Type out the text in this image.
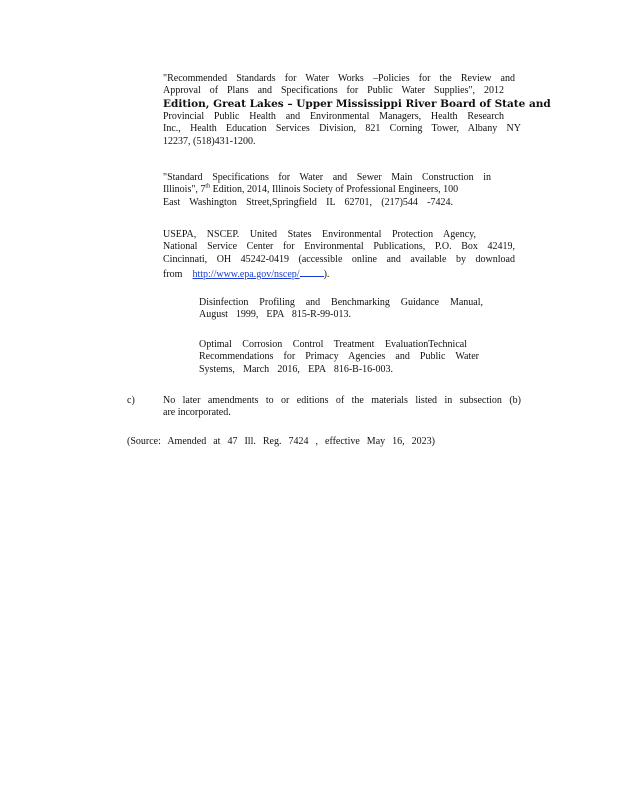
"Recommended Standards for Water Works –Policies for the Review and
Approval of Plans and Specifications for Public Water Supplies", 2012
Edition, Great Lakes – Upper Mississippi River Board of State and
Provincial Public Health and Environmental Managers, Health Research
Inc., Health Education Services Division, 821 Corning Tower, Albany NY
12237, (518)431-1200.
"Standard Specifications for Water and Sewer Main Construction in
Illinois", 7th Edition, 2014, Illinois Society of Professional Engineers, 100
East Washington Street,Springfield IL 62701, (217)544 -7424.
USEPA, NSCEP. United States Environmental Protection Agency,
National Service Center for Environmental Publications, P.O. Box 42419,
Cincinnati, OH 45242-0419 (accessible online and available by download
from http://www.epa.gov/nscep/ ).
Disinfection Profiling and Benchmarking Guidance Manual,
August 1999, EPA 815-R-99-013.
Optimal Corrosion Control Treatment EvaluationTechnical
Recommendations for Primacy Agencies and Public Water
Systems, March 2016, EPA 816-B-16-003.
c)	No later amendments to or editions of the materials listed in subsection (b)
are incorporated.
(Source: Amended at 47 Ill. Reg. 7424 , effective May 16, 2023)
